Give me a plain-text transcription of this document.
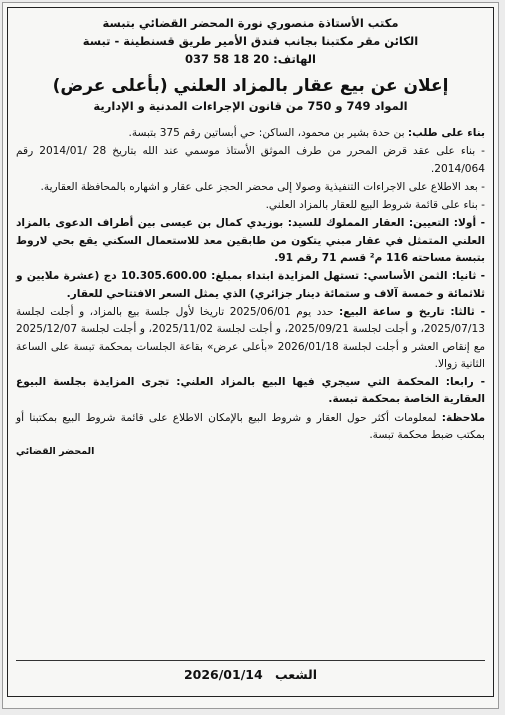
مكتب الأستاذة منصوري نورة المحضر القضائي بتبسة
الكائن مقر مكتبنا بجانب فندق الأمير طريق قسنطينة - تبسة
الهاتف: 20 18 58 037
إعلان عن بيع عقار بالمزاد العلني (بأعلى عرض)
المواد 749 و 750 من قانون الإجراءات المدنية و الإدارية

بناء على طلب: بن حدة بشير بن محمود، الساكن: حي أبساتين رقم 375 بتبسة.

- بناء على عقد قرض المحرر من طرف الموثق الأستاذ موسمي عند الله بتاريخ 28 /2014/01 رقم 2014/064.

- بعد الاطلاع على الاجراءات التنفيذية وصولا إلى محضر الحجز على عقار و اشهاره بالمحافظة العقارية.

- بناء على قائمة شروط البيع للعقار بالمزاد العلني.

- أولا: التعيين: العقار المملوك للسيد: بوزيدي كمال بن عيسى بين أطراف الدعوى بالمزاد العلني المتمثل في عقار مبني يتكون من طابقين معد للاستعمال السكني يقع بحي لاروط بتبسة مساحته 116 م² قسم 71 رقم 91.

- ثانيا: الثمن الأساسي: تستهل المزايدة ابتداء بمبلغ: 10.305.600.00 دج (عشرة ملايين و ثلاثمائة و خمسة آلاف و ستمائة دينار جزائري) الذي يمثل السعر الافتتاحي للعقار.

- ثالثا: تاريخ و ساعة البيع: حدد يوم 2025/06/01 تاريخا لأول جلسة بيع بالمزاد، و أجلت لجلسة 2025/07/13، و أجلت لجلسة 2025/09/21، و أجلت لجلسة 2025/11/02، و أجلت لجلسة 2025/12/07 مع إنقاص العشر و أجلت لجلسة 2026/01/18 «بأعلى عرض» بقاعة الجلسات بمحكمة تبسة على الساعة الثانية زوالا.

- رابعا: المحكمة التي سيجري فيها البيع بالمزاد العلني: تجرى المزايدة بجلسة البيوع العقارية الخاصة بمحكمة تبسة.

ملاحظة: لمعلومات أكثر حول العقار و شروط البيع بالإمكان الاطلاع على قائمة شروط البيع بمكتبنا أو بمكتب ضبط محكمة تبسة.

المحضر القضائي
الشعب 2026/01/14
